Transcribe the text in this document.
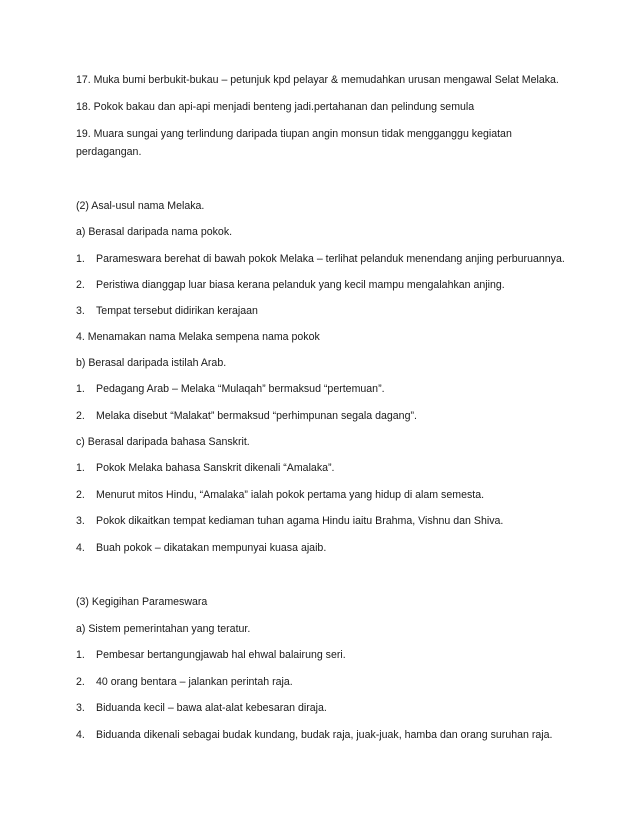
17. Muka bumi berbukit-bukau – petunjuk kpd pelayar & memudahkan urusan mengawal Selat Melaka.
18. Pokok bakau dan api-api menjadi benteng jadi.pertahanan dan pelindung semula
19. Muara sungai yang terlindung daripada tiupan angin monsun tidak mengganggu kegiatan
perdagangan.
(2) Asal-usul nama Melaka.
a) Berasal daripada nama pokok.
1. Parameswara berehat di bawah pokok Melaka – terlihat pelanduk menendang anjing perburuannya.
2. Peristiwa dianggap luar biasa kerana pelanduk yang kecil mampu mengalahkan anjing.
3. Tempat tersebut didirikan kerajaan
4. Menamakan nama Melaka sempena nama pokok
b) Berasal daripada istilah Arab.
1. Pedagang Arab – Melaka “Mulaqah” bermaksud “pertemuan”.
2. Melaka disebut “Malakat” bermaksud “perhimpunan segala dagang”.
c) Berasal daripada bahasa Sanskrit.
1. Pokok Melaka bahasa Sanskrit dikenali “Amalaka”.
2. Menurut mitos Hindu, “Amalaka” ialah pokok pertama yang hidup di alam semesta.
3. Pokok dikaitkan tempat kediaman tuhan agama Hindu iaitu Brahma, Vishnu dan Shiva.
4. Buah pokok – dikatakan mempunyai kuasa ajaib.
(3) Kegigihan Parameswara
a) Sistem pemerintahan yang teratur.
1. Pembesar bertangungjawab hal ehwal balairung seri.
2. 40 orang bentara – jalankan perintah raja.
3. Biduanda kecil – bawa alat-alat kebesaran diraja.
4. Biduanda dikenali sebagai budak kundang, budak raja, juak-juak, hamba dan orang suruhan raja.
